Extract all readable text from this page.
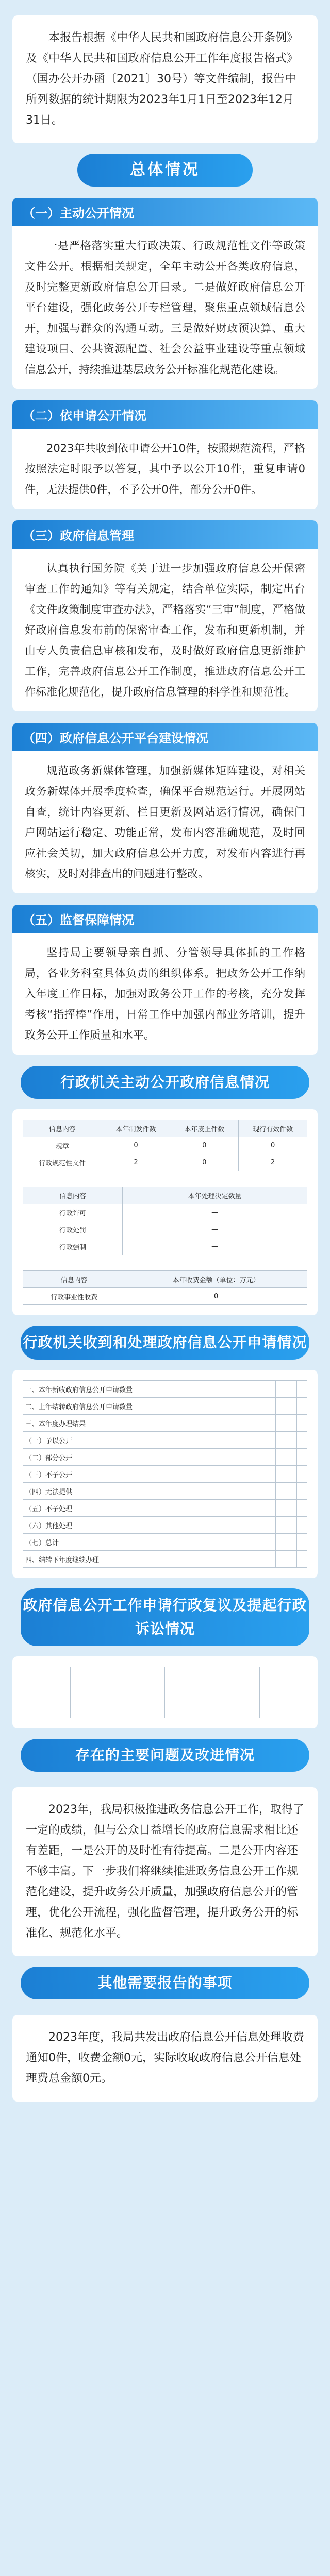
本报告根据《中华人民共和国政府信息公开条例》及《中华人民共和国政府信息公开工作年度报告格式》（国办公开办函〔2021〕30号）等文件编制，报告中所列数据的统计期限为2023年1月1日至2023年12月31日。
总体情况
（一）主动公开情况
一是严格落实重大行政决策、行政规范性文件等政策文件公开。根据相关规定，全年主动公开各类政府信息，及时完整更新政府信息公开目录。二是做好政府信息公开平台建设，强化政务公开专栏管理，聚焦重点领域信息公开，加强与群众的沟通互动。三是做好财政预决算、重大建设项目、公共资源配置、社会公益事业建设等重点领域信息公开，持续推进基层政务公开标准化规范化建设。
（二）依申请公开情况
2023年共收到依申请公开10件，按照规范流程，严格按照法定时限予以答复，其中予以公开10件，重复申请0件，无法提供0件，不予公开0件，部分公开0件。
（三）政府信息管理
认真执行国务院《关于进一步加强政府信息公开保密审查工作的通知》等有关规定，结合单位实际，制定出台《文件政策制度审查办法》，严格落实“三审”制度，严格做好政府信息发布前的保密审查工作，发布和更新机制，并由专人负责信息审核和发布，及时做好政府信息更新维护工作，完善政府信息公开工作制度，推进政府信息公开工作标准化规范化，提升政府信息管理的科学性和规范性。
（四）政府信息公开平台建设情况
规范政务新媒体管理，加强新媒体矩阵建设，对相关政务新媒体开展季度检查，确保平台规范运行。开展网站自查，统计内容更新、栏目更新及网站运行情况，确保门户网站运行稳定、功能正常，发布内容准确规范，及时回应社会关切，加大政府信息公开力度，对发布内容进行再核实，及时对排查出的问题进行整改。
（五）监督保障情况
坚持局主要领导亲自抓、分管领导具体抓的工作格局，各业务科室具体负责的组织体系。把政务公开工作纳入年度工作目标，加强对政务公开工作的考核，充分发挥考核“指挥棒”作用，日常工作中加强内部业务培训，提升政务公开工作质量和水平。
行政机关主动公开政府信息情况
信息内容	本年制发件数	本年废止件数	现行有效件数
规章	0	0	0
行政规范性文件	2	0	2
信息内容	本年处理决定数量
行政许可	—
行政处罚	—
行政强制	—
信息内容	本年收费金额（单位：万元）
行政事业性收费	0
行政机关收到和处理政府信息公开申请情况
一、本年新收政府信息公开申请数量			
二、上年结转政府信息公开申请数量			
三、本年度办理结果			
（一）予以公开			
（二）部分公开			
（三）不予公开			
（四）无法提供			
（五）不予处理			
（六）其他处理			
（七）总计			
四、结转下年度继续办理			
政府信息公开工作申请行政复议及提起行政诉讼情况

存在的主要问题及改进情况
2023年，我局积极推进政务信息公开工作，取得了一定的成绩，但与公众日益增长的政府信息需求相比还有差距，一是公开的及时性有待提高。二是公开内容还不够丰富。下一步我们将继续推进政务信息公开工作规范化建设，提升政务公开质量，加强政府信息公开的管理，优化公开流程，强化监督管理，提升政务公开的标准化、规范化水平。
其他需要报告的事项
2023年度，我局共发出政府信息公开信息处理收费通知0件，收费金额0元，实际收取政府信息公开信息处理费总金额0元。
